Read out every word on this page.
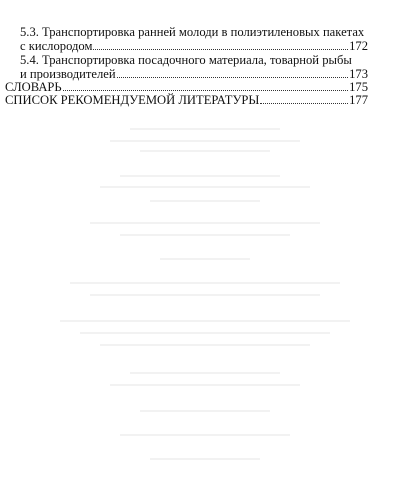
5.3. Транспортировка ранней молоди в полиэтиленовых пакетах
с кислородом	172
5.4. Транспортировка посадочного материала, товарной рыбы
и производителей	173
СЛОВАРЬ	175
СПИСОК РЕКОМЕНДУЕМОЙ ЛИТЕРАТУРЫ	177
